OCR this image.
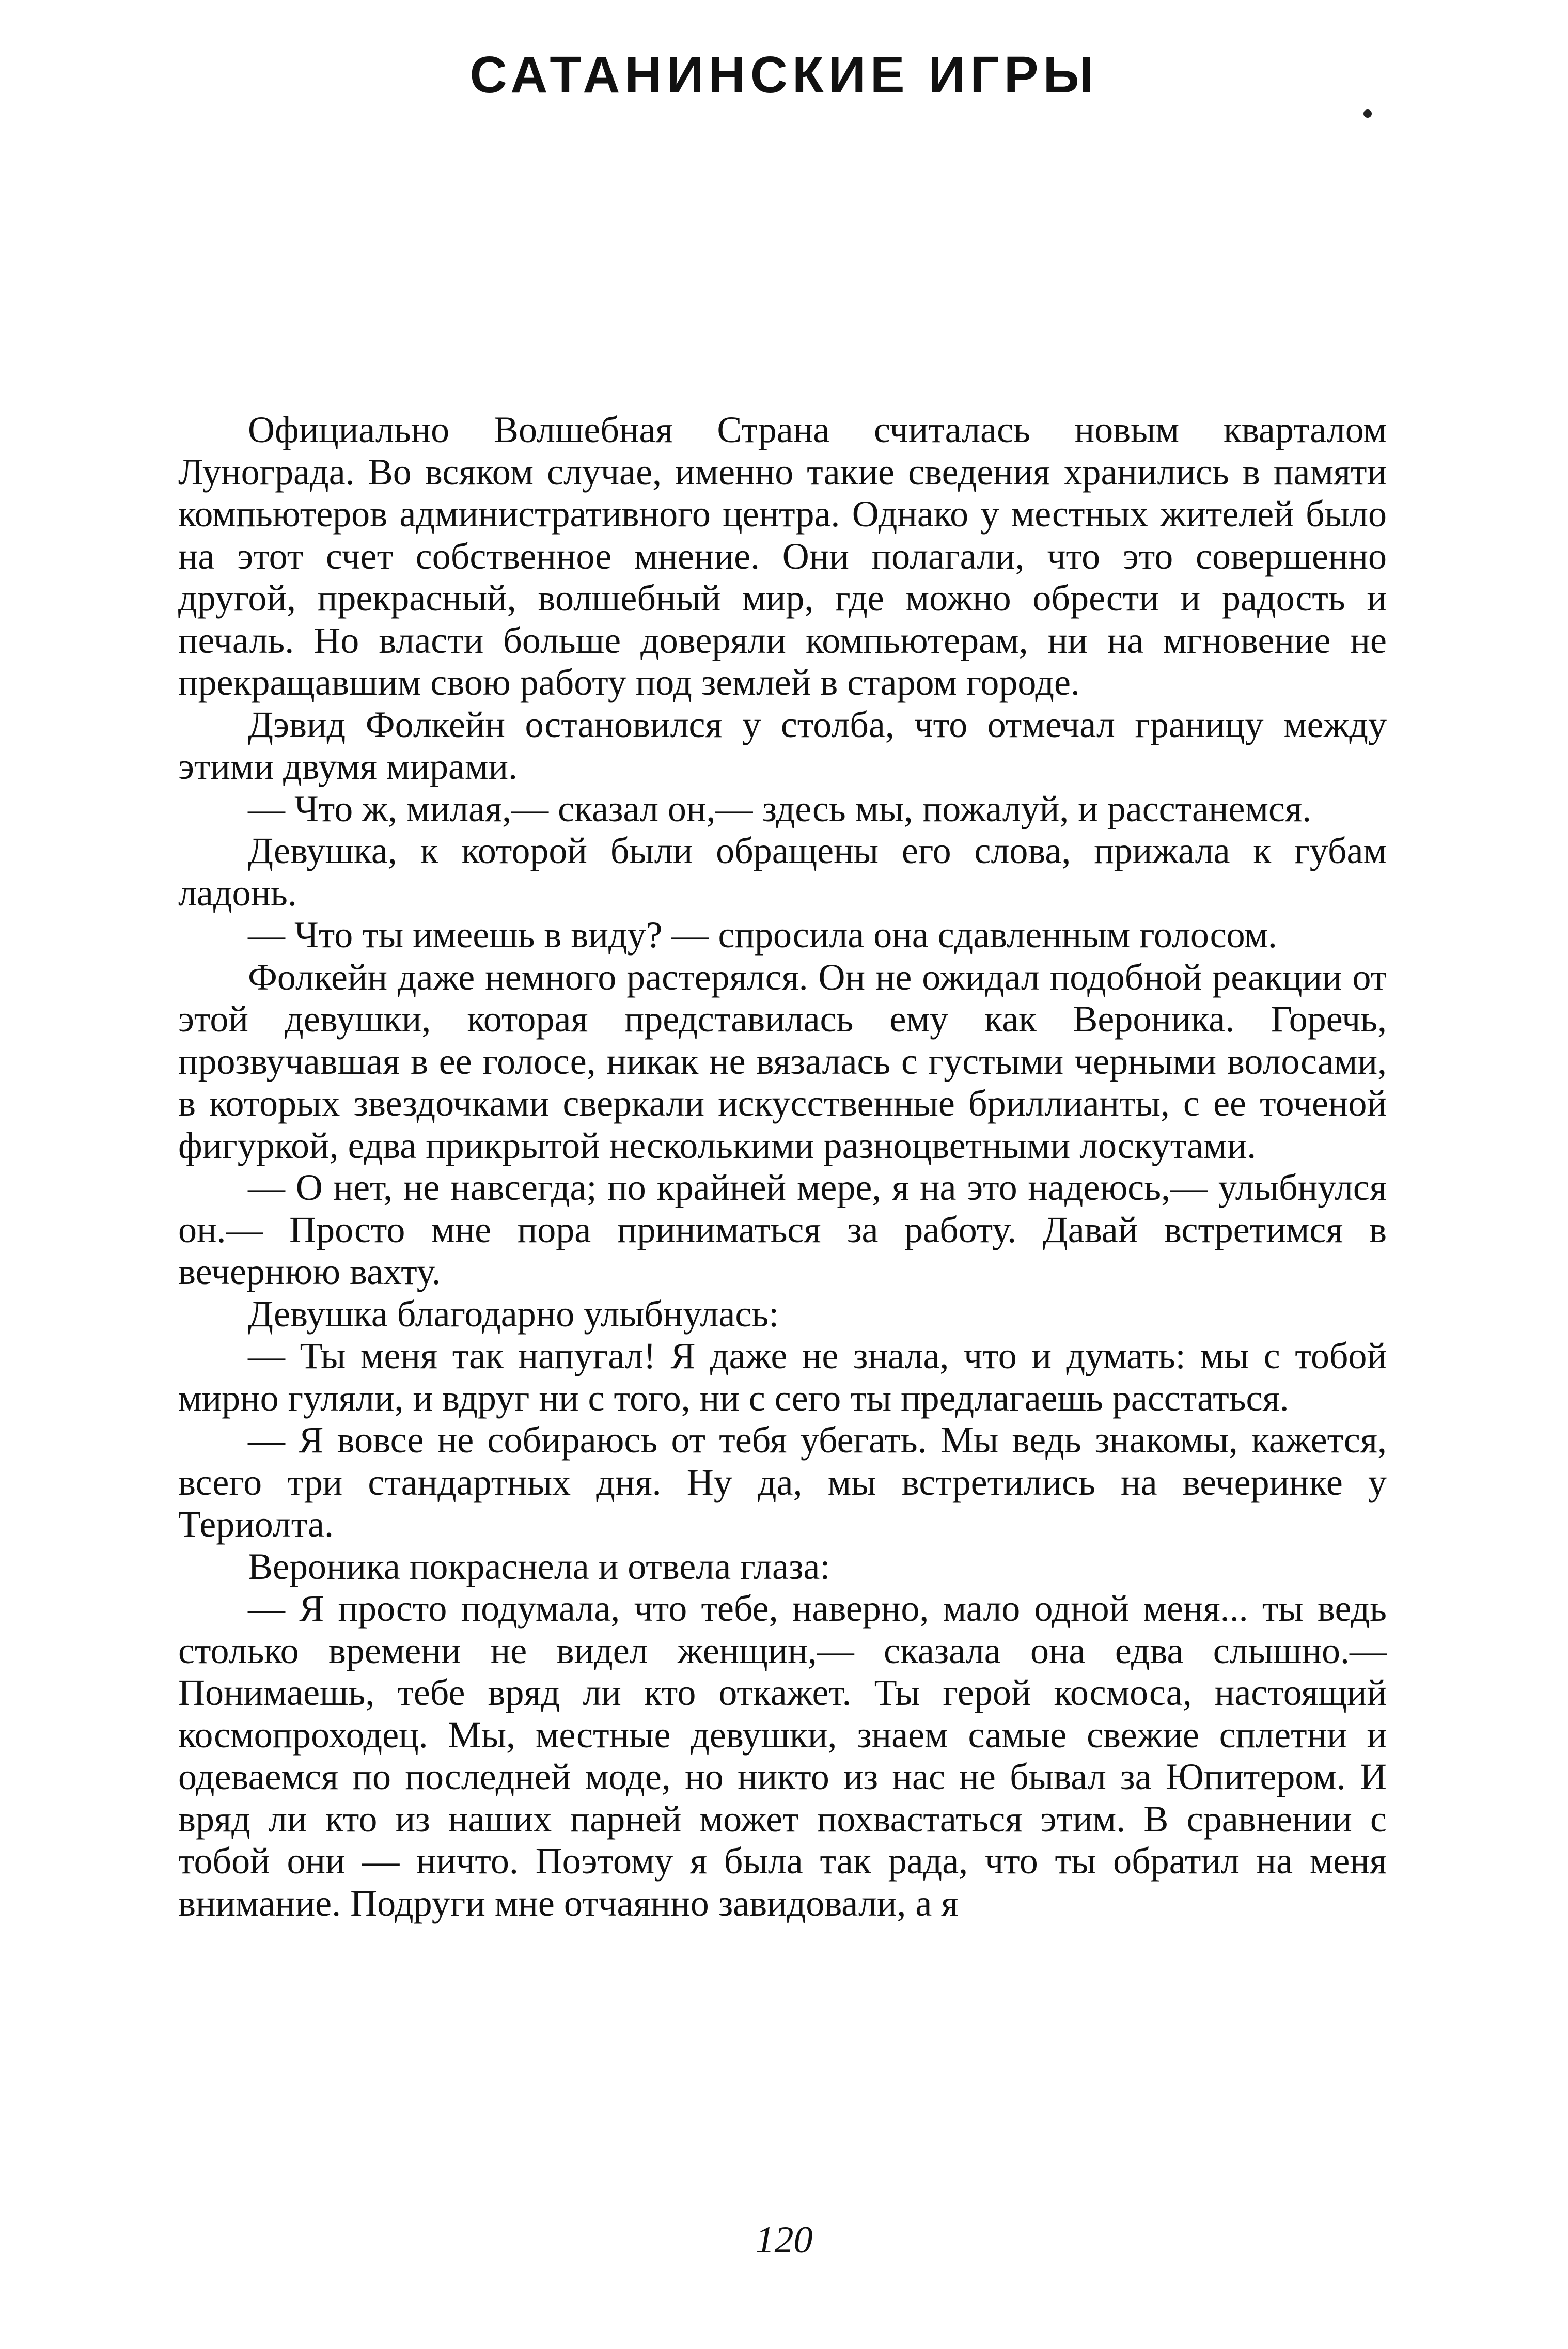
САТАНИНСКИЕ ИГРЫ

Официально Волшебная Страна считалась новым кварталом Лунограда. Во всяком случае, именно такие сведения хранились в памяти компьютеров административного центра. Однако у местных жителей было на этот счет собственное мнение. Они полагали, что это совершенно другой, прекрасный, волшебный мир, где можно обрести и радость и печаль. Но власти больше доверяли компьютерам, ни на мгновение не прекращавшим свою работу под землей в старом городе.

Дэвид Фолкейн остановился у столба, что отмечал границу между этими двумя мирами.

— Что ж, милая,— сказал он,— здесь мы, пожалуй, и расстанемся.

Девушка, к которой были обращены его слова, прижала к губам ладонь.

— Что ты имеешь в виду? — спросила она сдавленным голосом.

Фолкейн даже немного растерялся. Он не ожидал подобной реакции от этой девушки, которая представилась ему как Вероника. Горечь, прозвучавшая в ее голосе, никак не вязалась с густыми черными волосами, в которых звездочками сверкали искусственные бриллианты, с ее точеной фигуркой, едва прикрытой несколькими разноцветными лоскутами.

— О нет, не навсегда; по крайней мере, я на это надеюсь,— улыбнулся он.— Просто мне пора приниматься за работу. Давай встретимся в вечернюю вахту.

Девушка благодарно улыбнулась:

— Ты меня так напугал! Я даже не знала, что и думать: мы с тобой мирно гуляли, и вдруг ни с того, ни с сего ты предлагаешь расстаться.

— Я вовсе не собираюсь от тебя убегать. Мы ведь знакомы, кажется, всего три стандартных дня. Ну да, мы встретились на вечеринке у Териолта.

Вероника покраснела и отвела глаза:

— Я просто подумала, что тебе, наверно, мало одной меня... ты ведь столько времени не видел женщин,— сказала она едва слышно.— Понимаешь, тебе вряд ли кто откажет. Ты герой космоса, настоящий космопроходец. Мы, местные девушки, знаем самые свежие сплетни и одеваемся по последней моде, но никто из нас не бывал за Юпитером. И вряд ли кто из наших парней может похвастаться этим. В сравнении с тобой они — ничто. Поэтому я была так рада, что ты обратил на меня внимание. Подруги мне отчаянно завидовали, а я

120
